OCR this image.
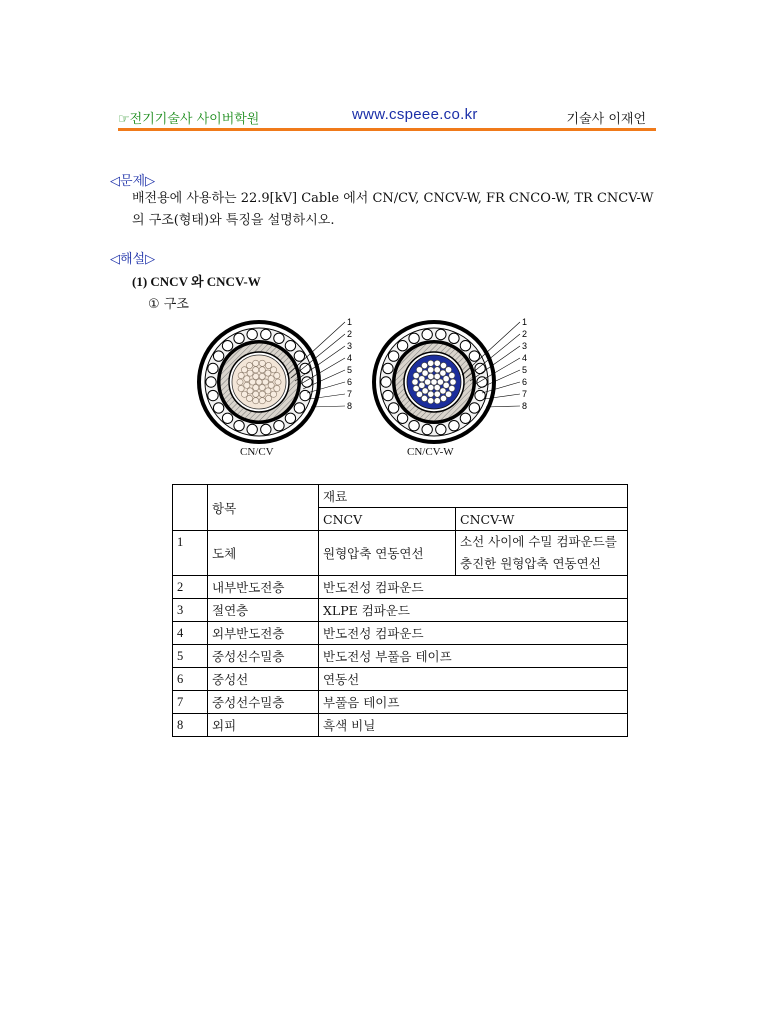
☞전기기술사 사이버학원	www.cspeee.co.kr	기술사 이재언
◁문제▷
배전용에 사용하는 22.9[kV] Cable 에서 CN/CV, CNCV-W, FR CNCO-W, TR CNCV-W
의 구조(형태)와 특징을 설명하시오.
◁해설▷
(1) CNCV 와 CNCV-W
① 구조
1
2
3
4
5
6
7
8
CN/CV
1
2
3
4
5
6
7
8
CN/CV-W
	항목	재료	
		CNCV	CNCV-W
1	도체	원형압축 연동연선	소선 사이에 수밀 컴파운드를 충진한 원형압축 연동연선
2	내부반도전층	반도전성 컴파운드	
3	절연층	XLPE 컴파운드	
4	외부반도전층	반도전성 컴파운드	
5	중성선수밀층	반도전성 부풀음 테이프	
6	중성선	연동선	
7	중성선수밀층	부풀음 테이프	
8	외피	흑색 비닐	
